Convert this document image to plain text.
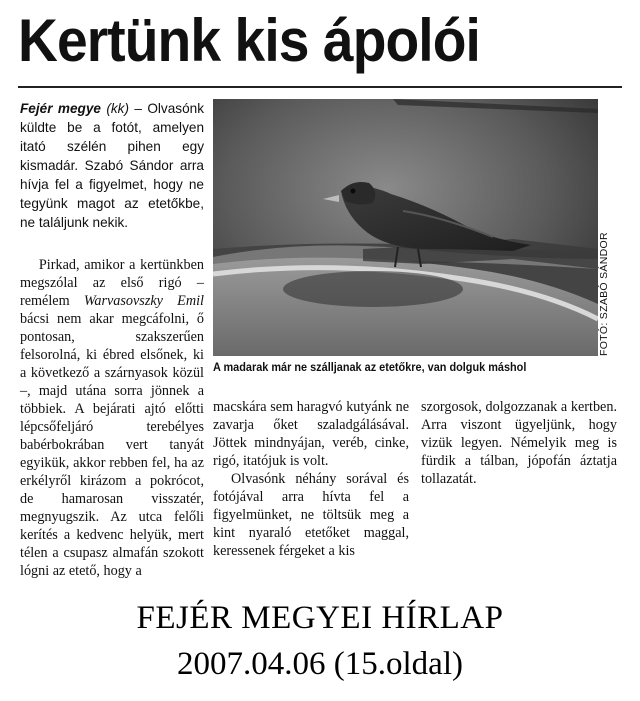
Kertünk kis ápolói

Fejér megye (kk) – Olvasónk küldte be a fotót, amelyen itató szélén pihen egy kismadár. Szabó Sándor arra hívja fel a figyelmet, hogy ne tegyünk magot az etetőkbe, ne találjunk nekik.

Pirkad, amikor a kertünkben megszólal az első rigó – remélem Warvasovszky Emil bácsi nem akar megcáfolni, ő pontosan, szakszerűen felsorolná, ki ébred elsőnek, ki a következő a szárnyasok közül –, majd utána sorra jönnek a többiek. A bejárati ajtó előtti lépcsőfeljáró terebélyes babérbokrában vert tanyát egyikük, akkor rebben fel, ha az erkélyről kirázom a pokrócot, de hamarosan visszatér, megnyugszik. Az utca felőli kerítés a kedvenc helyük, mert télen a csupasz almafán szokott lógni az etető, hogy a

FOTÓ: SZABÓ SÁNDOR
A madarak már ne szálljanak az etetőkre, van dolguk máshol
macskára sem haragvó kutyánk ne zavarja őket szaladgálásával. Jöttek mindnyájan, veréb, cinke, rigó, itatójuk is volt.
Olvasónk néhány sorával és fotójával arra hívta fel a figyelmünket, ne töltsük meg a kint nyaraló etetőket maggal, keressenek férgeket a kis
szorgosok, dolgozzanak a kertben. Arra viszont ügyeljünk, hogy vizük legyen. Némelyik meg is fürdik a tálban, jópofán áztatja tollazatát.
FEJÉR MEGYEI HÍRLAP
2007.04.06 (15.oldal)
